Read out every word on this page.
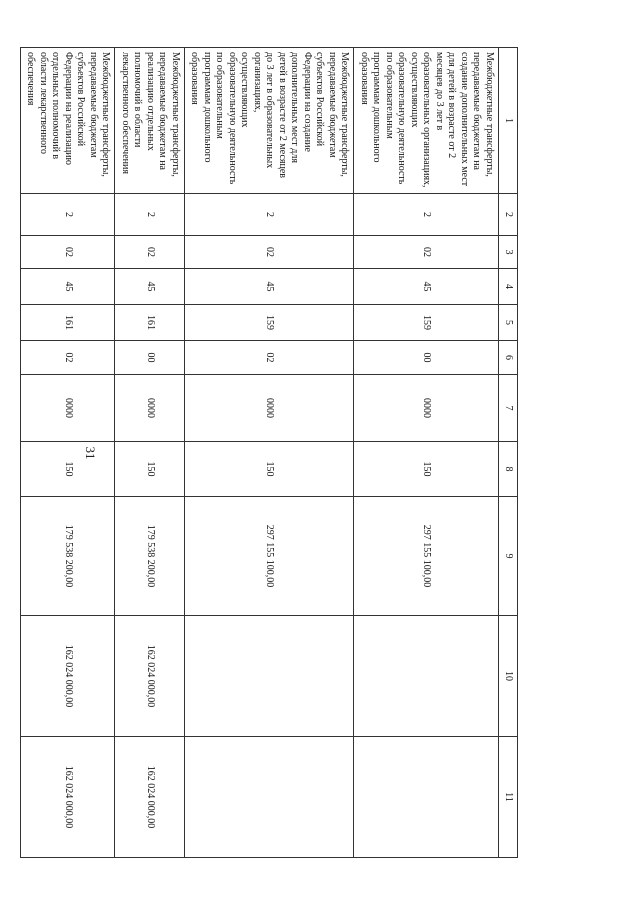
31
1	2	3	4	5	6	7	8	9	10	11
Межбюджетные трансферты, передаваемые бюджетам на создание дополнительных мест для детей в возрасте от 2 месяцев до 3 лет в образовательных организациях, осуществляющих образовательную деятельность по образовательным программам дошкольного образования	2	02	45	159	00	0000	150	297 155 100,00		
Межбюджетные трансферты, передаваемые бюджетам субъектов Российской Федерации на создание дополнительных мест для детей в возрасте от 2 месяцев до 3 лет в образовательных организациях, осуществляющих образовательную деятельность по образовательным программам дошкольного образования	2	02	45	159	02	0000	150	297 155 100,00		
Межбюджетные трансферты, передаваемые бюджетам на реализацию отдельных полномочий в области лекарственного обеспечения	2	02	45	161	00	0000	150	179 538 200,00	162 024 000,00	162 024 000,00
Межбюджетные трансферты, передаваемые бюджетам субъектов Российской Федерации на реализацию отдельных полномочий в области лекарственного обеспечения	2	02	45	161	02	0000	150	179 538 200,00	162 024 000,00	162 024 000,00
